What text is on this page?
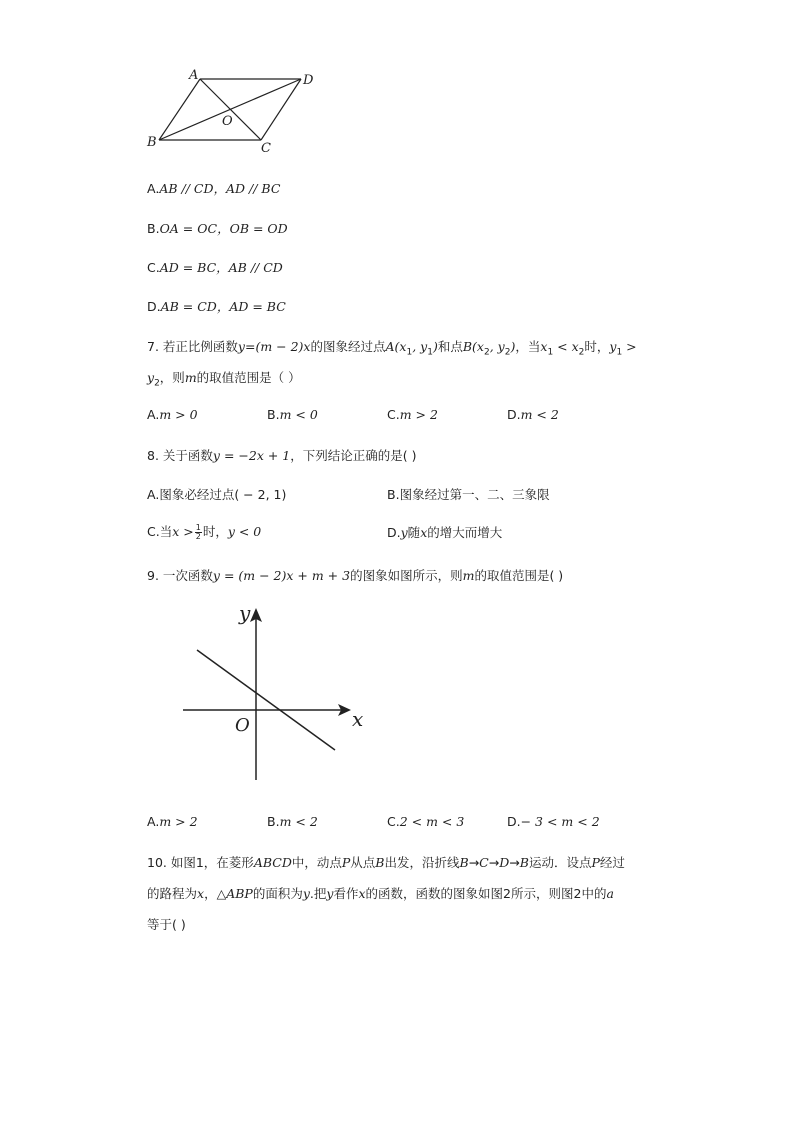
A	D
O
B	C
A.AB // CD，AD // BC
B.OA = OC，OB = OD
C.AD = BC，AB // CD
D.AB = CD，AD = BC
7. 若正比例函数y=(m − 2)x的图象经过点$A(x_1$, $y_1$)和点$B(x_2$, $y_2$)，当$x_1 < x_2$时，$y_1$ >
$y_2$，则m的取值范围是（ ）
A.m > 0	B.m < 0	C.m > 2	D.m < 2
8. 关于函数y = −2x + 1，下列结论正确的是( )
A.图象必经过点( − 2, 1)	B.图象经过第一、二、三象限
C.当$x > \frac{1}{2}$ 时，y < 0	D.y随x的增大而增大
9. 一次函数y = (m − 2)x + m + 3的图象如图所示，则m的取值范围是( )
x
y
O
A.m > 2	B.m < 2	C.2 < m < 3	D.− 3 < m < 2
10. 如图1，在菱形ABCD中，动点P从点B出发，沿折线B→C→D→B运动．设点P经过
的路程为x，△ABP的面积为y.把y看作x的函数，函数的图象如图2所示，则图2中的a
等于( )
